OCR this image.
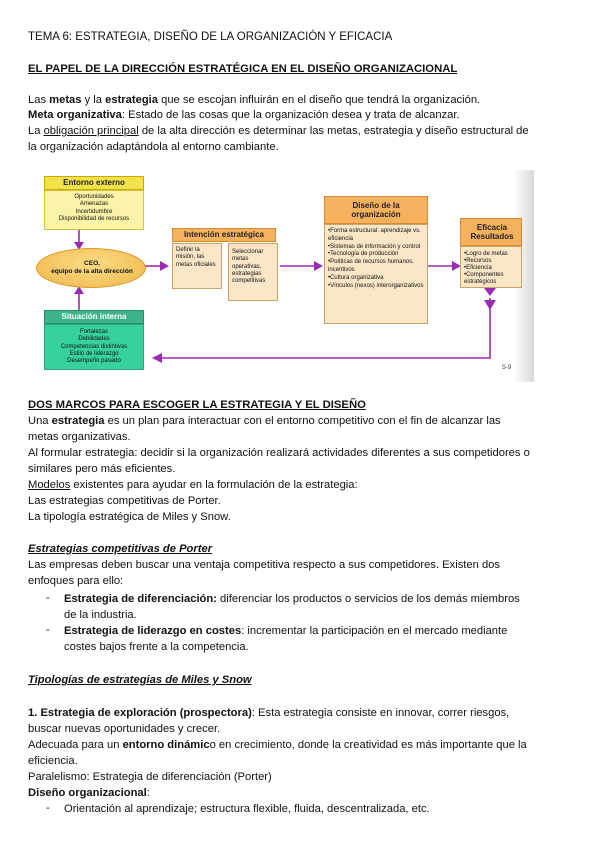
TEMA 6: ESTRATEGIA, DISEÑO DE LA ORGANIZACIÓN Y EFICACIA
EL PAPEL DE LA DIRECCIÓN ESTRATÉGICA EN EL DISEÑO ORGANIZACIONAL
Las metas y la estrategia que se escojan influirán en el diseño que tendrá la organización.
Meta organizativa: Estado de las cosas que la organización desea y trata de alcanzar.
La obligación principal de la alta dirección es determinar las metas, estrategia y diseño estructural de
la organización adaptándola al entorno cambiante.
Entorno externo
Oportunidades
Amenazas
Incertidumbre
Disponibilidad de recursos
CEO,
equipo de la alta dirección
Situación interna
Fortalezas
Debilidades
Competencias distintivas
Estilo de liderazgo
Desempeño pasado
Intención estratégica
Definir la misión, las metas oficiales
Seleccionar metas operativas, estrategias competitivas
Diseño de la organización
•Forma estructural: aprendizaje vs. eficiencia
•Sistemas de información y control
•Tecnología de producción
•Políticas de recursos humanos, incentivos
•Cultura organizativa
•Vínculos (nexos) interorganizativos
Eficacia Resultados
•Logro de metas
•Recursos
•Eficiencia
•Componentes estratégicos
5-9
DOS MARCOS PARA ESCOGER LA ESTRATEGIA Y EL DISEÑO
Una estrategia es un plan para interactuar con el entorno competitivo con el fin de alcanzar las
metas organizativas.
Al formular estrategia: decidir si la organización realizará actividades diferentes a sus competidores o
similares pero más eficientes.
Modelos existentes para ayudar en la formulación de la estrategia:
Las estrategias competitivas de Porter.
La tipología estratégica de Miles y Snow.
Estrategias competitivas de Porter
Las empresas deben buscar una ventaja competitiva respecto a sus competidores. Existen dos
enfoques para ello:
- Estrategia de diferenciación: diferenciar los productos o servicios de los demás miembros
de la industria.
- Estrategia de liderazgo en costes: incrementar la participación en el mercado mediante
costes bajos frente a la competencia.
Tipologías de estrategias de Miles y Snow
1. Estrategia de exploración (prospectora): Esta estrategia consiste en innovar, correr riesgos,
buscar nuevas oportunidades y crecer.
Adecuada para un entorno dinámico en crecimiento, donde la creatividad es más importante que la
eficiencia.
Paralelismo: Estrategia de diferenciación (Porter)
Diseño organizacional:
- Orientación al aprendizaje; estructura flexible, fluida, descentralizada, etc.
